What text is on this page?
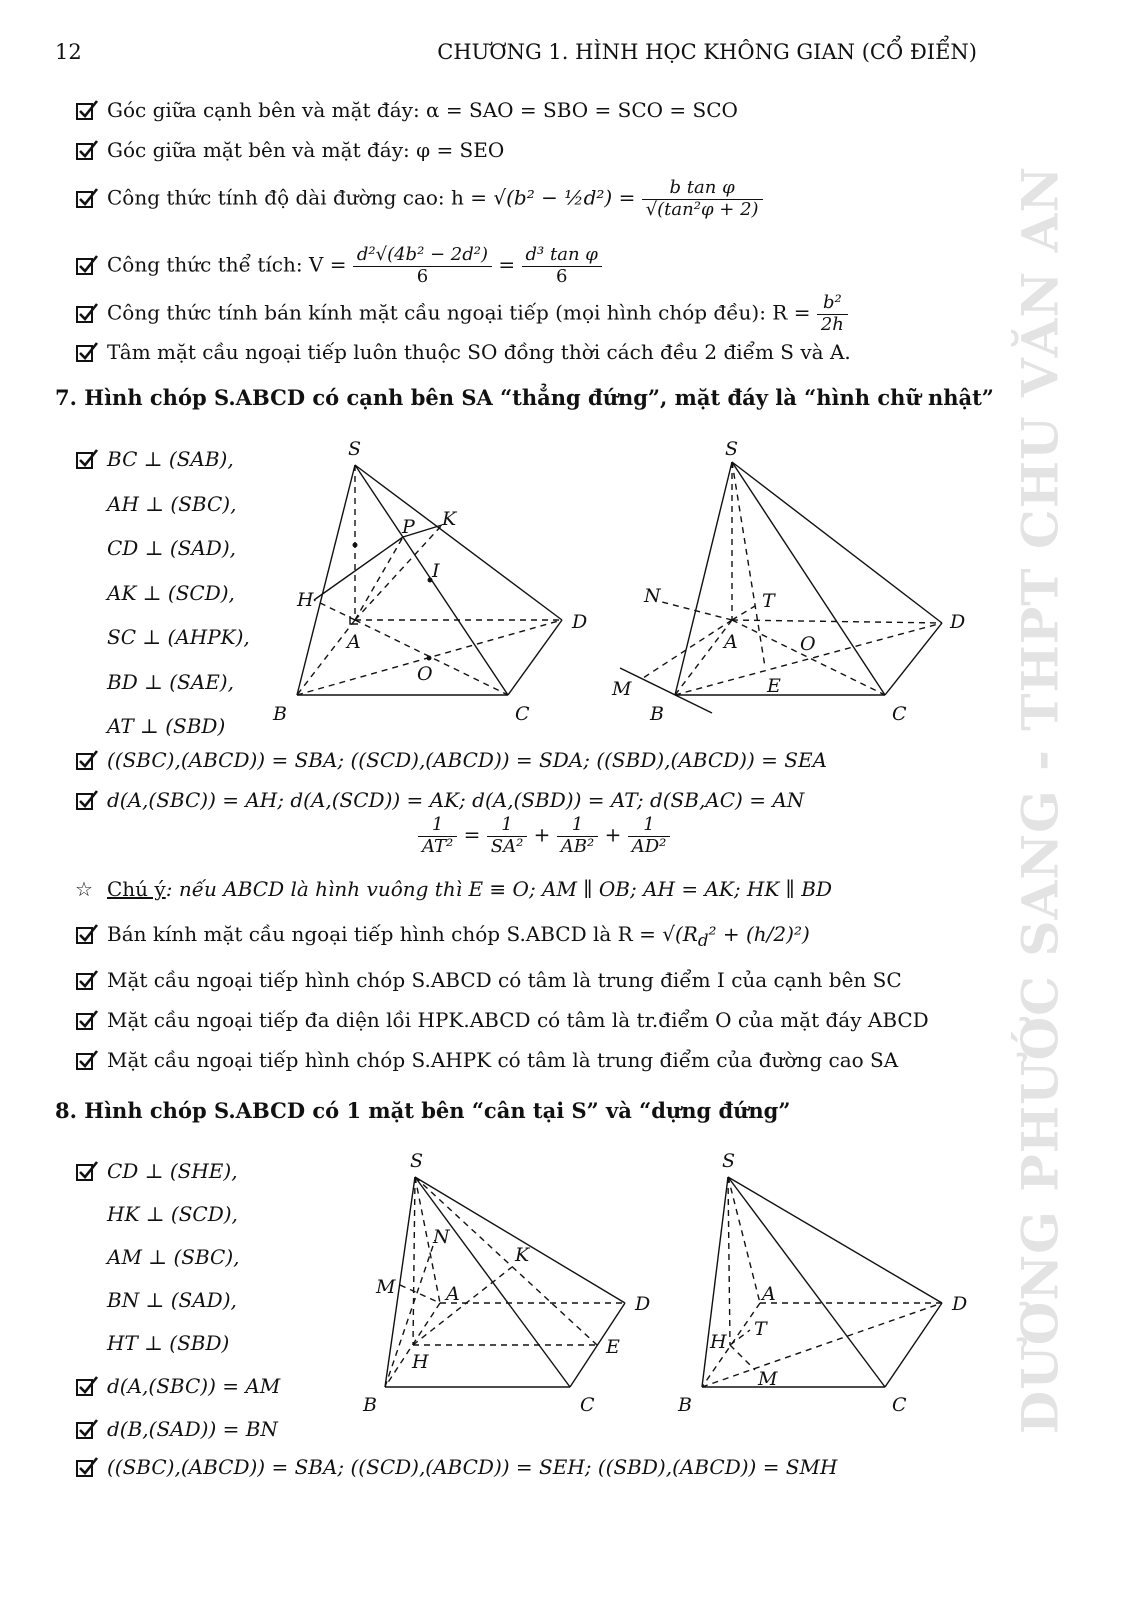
12	CHƯƠNG 1. HÌNH HỌC KHÔNG GIAN (CỔ ĐIỂN)
DƯƠNG PHƯỚC SANG - THPT CHU VĂN AN
Góc giữa cạnh bên và mặt đáy: α = SAO = SBO = SCO = SCO
Góc giữa mặt bên và mặt đáy: φ = SEO
Công thức tính độ dài đường cao: h = √(b² − ½d²) = $\frac{\text{b tan φ}}{\text{√(tan²φ + 2)}}$
Công thức thể tích: $V = \frac{\text{d²√(4b² − 2d²)}}{6} = \frac{\text{d³ tan φ}}{6}$
Công thức tính bán kính mặt cầu ngoại tiếp (mọi hình chóp đều): $R = \frac{\text{b²}}{2h}$
Tâm mặt cầu ngoại tiếp luôn thuộc SO đồng thời cách đều 2 điểm S và A.
7. Hình chóp S.ABCD có cạnh bên SA “thẳng đứng”, mặt đáy là “hình chữ nhật”
BC ⊥ (SAB),
AH ⊥ (SBC),
CD ⊥ (SAD),
AK ⊥ (SCD),
SC ⊥ (AHPK),
BD ⊥ (SAE),
AT ⊥ (SBD)
S
K
P
I
H
A
D
O
B	C
S
N	T
A	O
D
M	E
B	C
((SBC),(ABCD)) = SBA; ((SCD),(ABCD)) = SDA; ((SBD),(ABCD)) = SEA
d(A,(SBC)) = AH; d(A,(SCD)) = AK; d(A,(SBD)) = AT; d(SB,AC) = AN
$\frac{1}{\text{AT²}} = \frac{1}{\text{SA²}} + \frac{1}{\text{AB²}} + \frac{1}{\text{AD²}}$
☆ Chú ý: nếu ABCD là hình vuông thì E ≡ O; AM ∥ OB; AH = AK; HK ∥ BD
Bán kính mặt cầu ngoại tiếp hình chóp S.ABCD là $R = √(R_d^2 + (h/2)^2)$
Mặt cầu ngoại tiếp hình chóp S.ABCD có tâm là trung điểm I của cạnh bên SC
Mặt cầu ngoại tiếp đa diện lồi HPK.ABCD có tâm là tr.điểm O của mặt đáy ABCD
Mặt cầu ngoại tiếp hình chóp S.AHPK có tâm là trung điểm của đường cao SA
8. Hình chóp S.ABCD có 1 mặt bên “cân tại S” và “dựng đứng”
CD ⊥ (SHE),
HK ⊥ (SCD),
AM ⊥ (SBC),
BN ⊥ (SAD),
HT ⊥ (SBD)
d(A,(SBC)) = AM
d(B,(SAD)) = BN
S
N
K
M	A	D
E
H
B	C
S
A
T
H
M
D
B	C
((SBC),(ABCD)) = SBA; ((SCD),(ABCD)) = SEH; ((SBD),(ABCD)) = SMH
